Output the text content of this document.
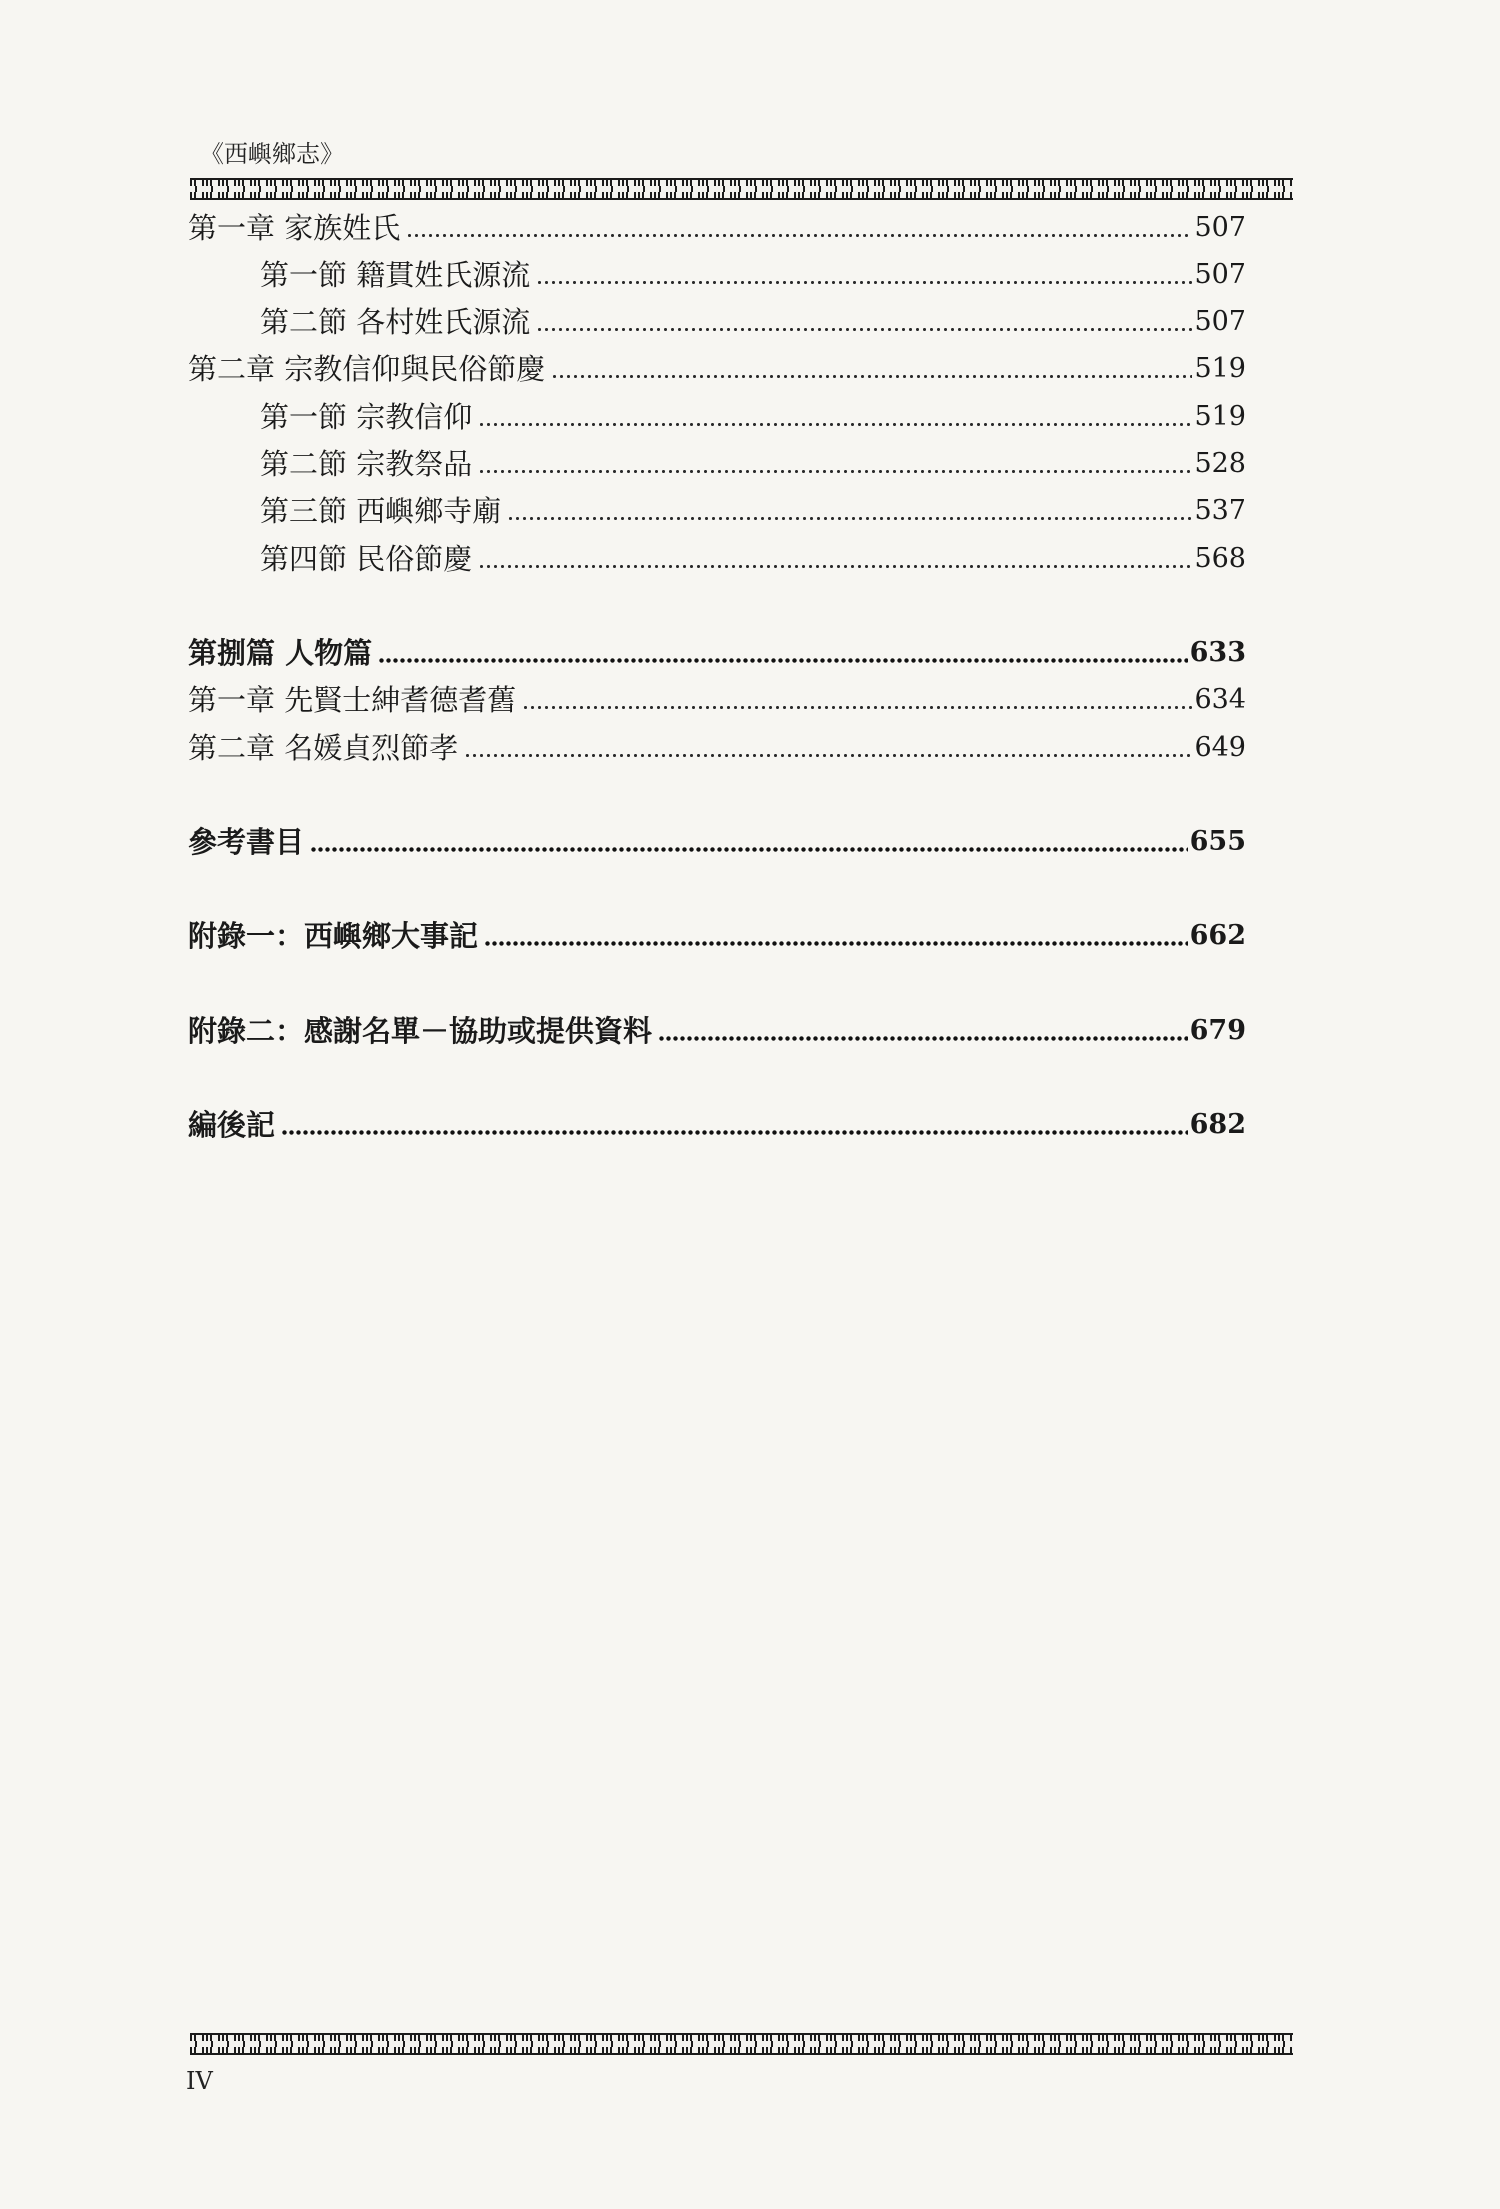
《西嶼鄉志》
第一章 家族姓氏	507
第一節 籍貫姓氏源流	507
第二節 各村姓氏源流	507
第二章 宗教信仰與民俗節慶	519
第一節 宗教信仰	519
第二節 宗教祭品	528
第三節 西嶼鄉寺廟	537
第四節 民俗節慶	568
第捌篇 人物篇	633
第一章 先賢士紳耆德耆舊	634
第二章 名媛貞烈節孝	649
參考書目	655
附錄一：西嶼鄉大事記	662
附錄二：感謝名單－協助或提供資料	679
編後記	682
IV
